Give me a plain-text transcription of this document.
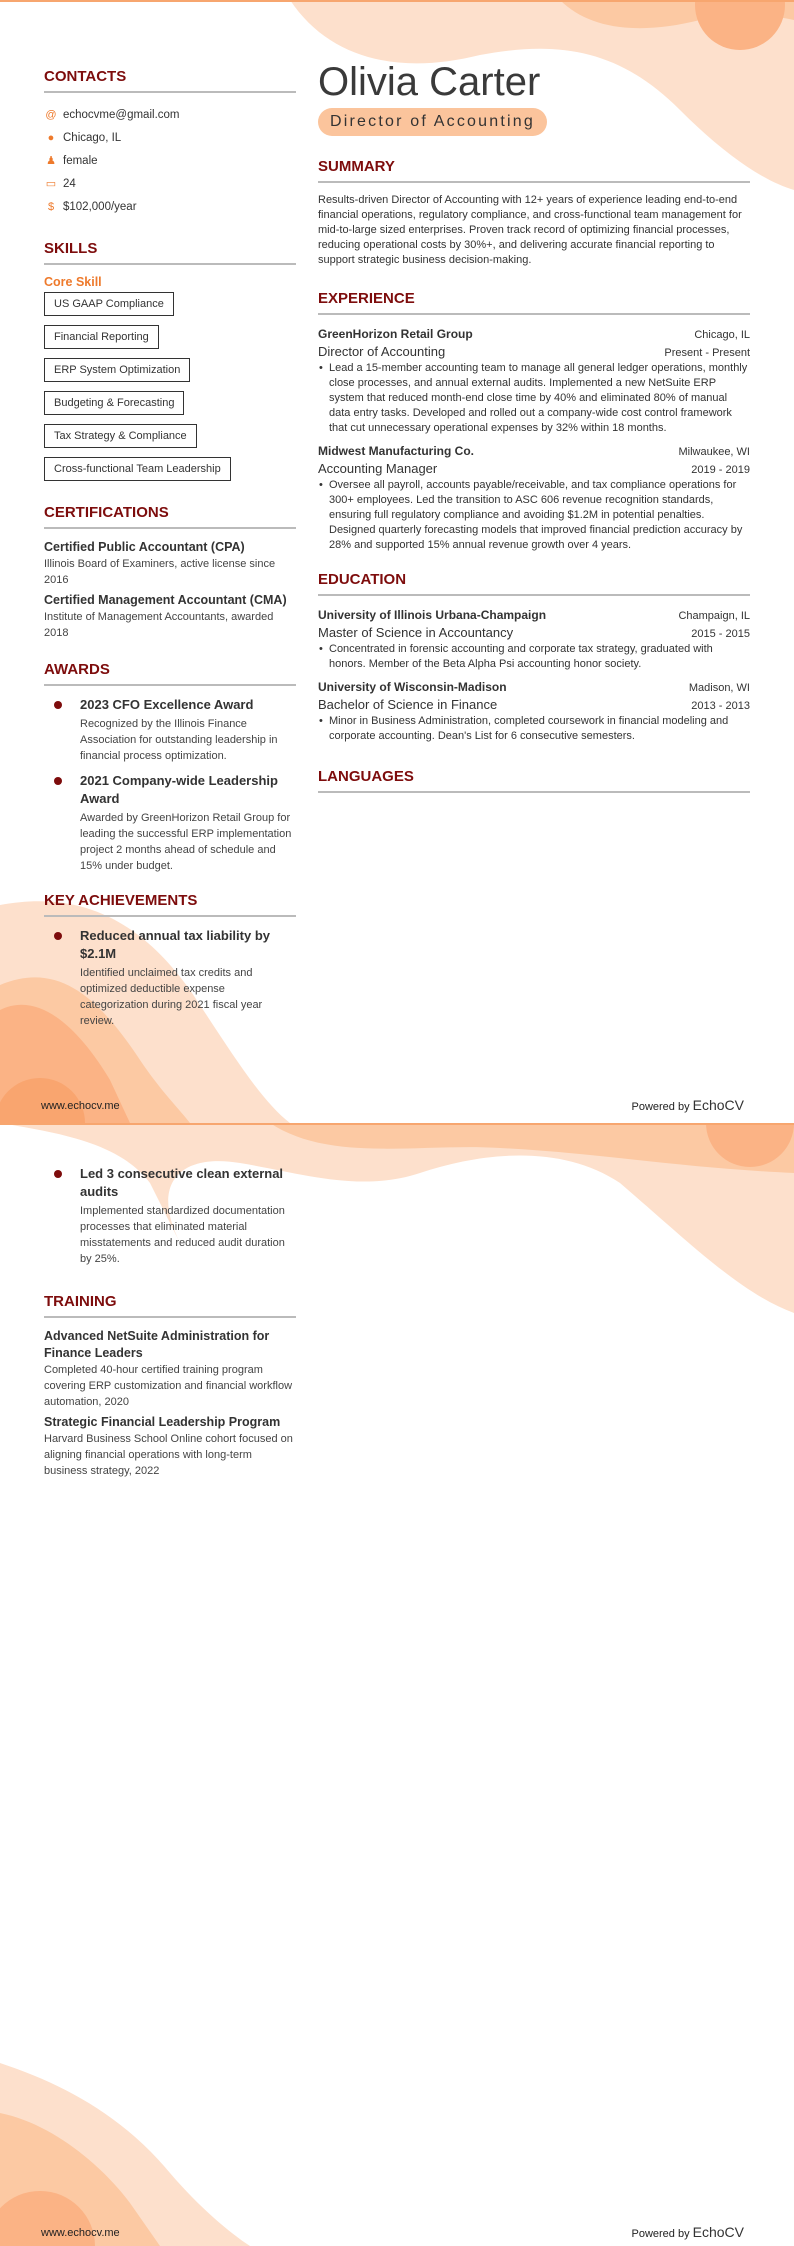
CONTACTS
@ echocvme@gmail.com
● Chicago, IL
♟ female
▭ 24
$ $102,000/year
SKILLS
Core Skill
US GAAP Compliance
Financial Reporting
ERP System Optimization
Budgeting & Forecasting
Tax Strategy & Compliance
Cross-functional Team Leadership
CERTIFICATIONS
Certified Public Accountant (CPA)
Illinois Board of Examiners, active license since 2016
Certified Management Accountant (CMA)
Institute of Management Accountants, awarded 2018
AWARDS
2023 CFO Excellence Award
Recognized by the Illinois Finance Association for outstanding leadership in financial process optimization.
2021 Company-wide Leadership Award
Awarded by GreenHorizon Retail Group for leading the successful ERP implementation project 2 months ahead of schedule and 15% under budget.
KEY ACHIEVEMENTS
Reduced annual tax liability by $2.1M
Identified unclaimed tax credits and optimized deductible expense categorization during 2021 fiscal year review.
Olivia Carter
Director of Accounting
SUMMARY
Results-driven Director of Accounting with 12+ years of experience leading end-to-end financial operations, regulatory compliance, and cross-functional team management for mid-to-large sized enterprises. Proven track record of optimizing financial processes, reducing operational costs by 30%+, and delivering accurate financial reporting to support strategic business decision-making.
EXPERIENCE
GreenHorizon Retail Group	Chicago, IL
Director of Accounting	Present - Present
• Lead a 15-member accounting team to manage all general ledger operations, monthly close processes, and annual external audits. Implemented a new NetSuite ERP system that reduced month-end close time by 40% and eliminated 80% of manual data entry tasks. Developed and rolled out a company-wide cost control framework that cut unnecessary operational expenses by 32% within 18 months.
Midwest Manufacturing Co.	Milwaukee, WI
Accounting Manager	2019 - 2019
• Oversee all payroll, accounts payable/receivable, and tax compliance operations for 300+ employees. Led the transition to ASC 606 revenue recognition standards, ensuring full regulatory compliance and avoiding $1.2M in potential penalties. Designed quarterly forecasting models that improved financial prediction accuracy by 28% and supported 15% annual revenue growth over 4 years.
EDUCATION
University of Illinois Urbana-Champaign	Champaign, IL
Master of Science in Accountancy	2015 - 2015
• Concentrated in forensic accounting and corporate tax strategy, graduated with honors. Member of the Beta Alpha Psi accounting honor society.
University of Wisconsin-Madison	Madison, WI
Bachelor of Science in Finance	2013 - 2013
• Minor in Business Administration, completed coursework in financial modeling and corporate accounting. Dean's List for 6 consecutive semesters.
LANGUAGES
www.echocv.me	Powered by EchoCV
Led 3 consecutive clean external audits
Implemented standardized documentation processes that eliminated material misstatements and reduced audit duration by 25%.
TRAINING
Advanced NetSuite Administration for Finance Leaders
Completed 40-hour certified training program covering ERP customization and financial workflow automation, 2020
Strategic Financial Leadership Program
Harvard Business School Online cohort focused on aligning financial operations with long-term business strategy, 2022
www.echocv.me	Powered by EchoCV
